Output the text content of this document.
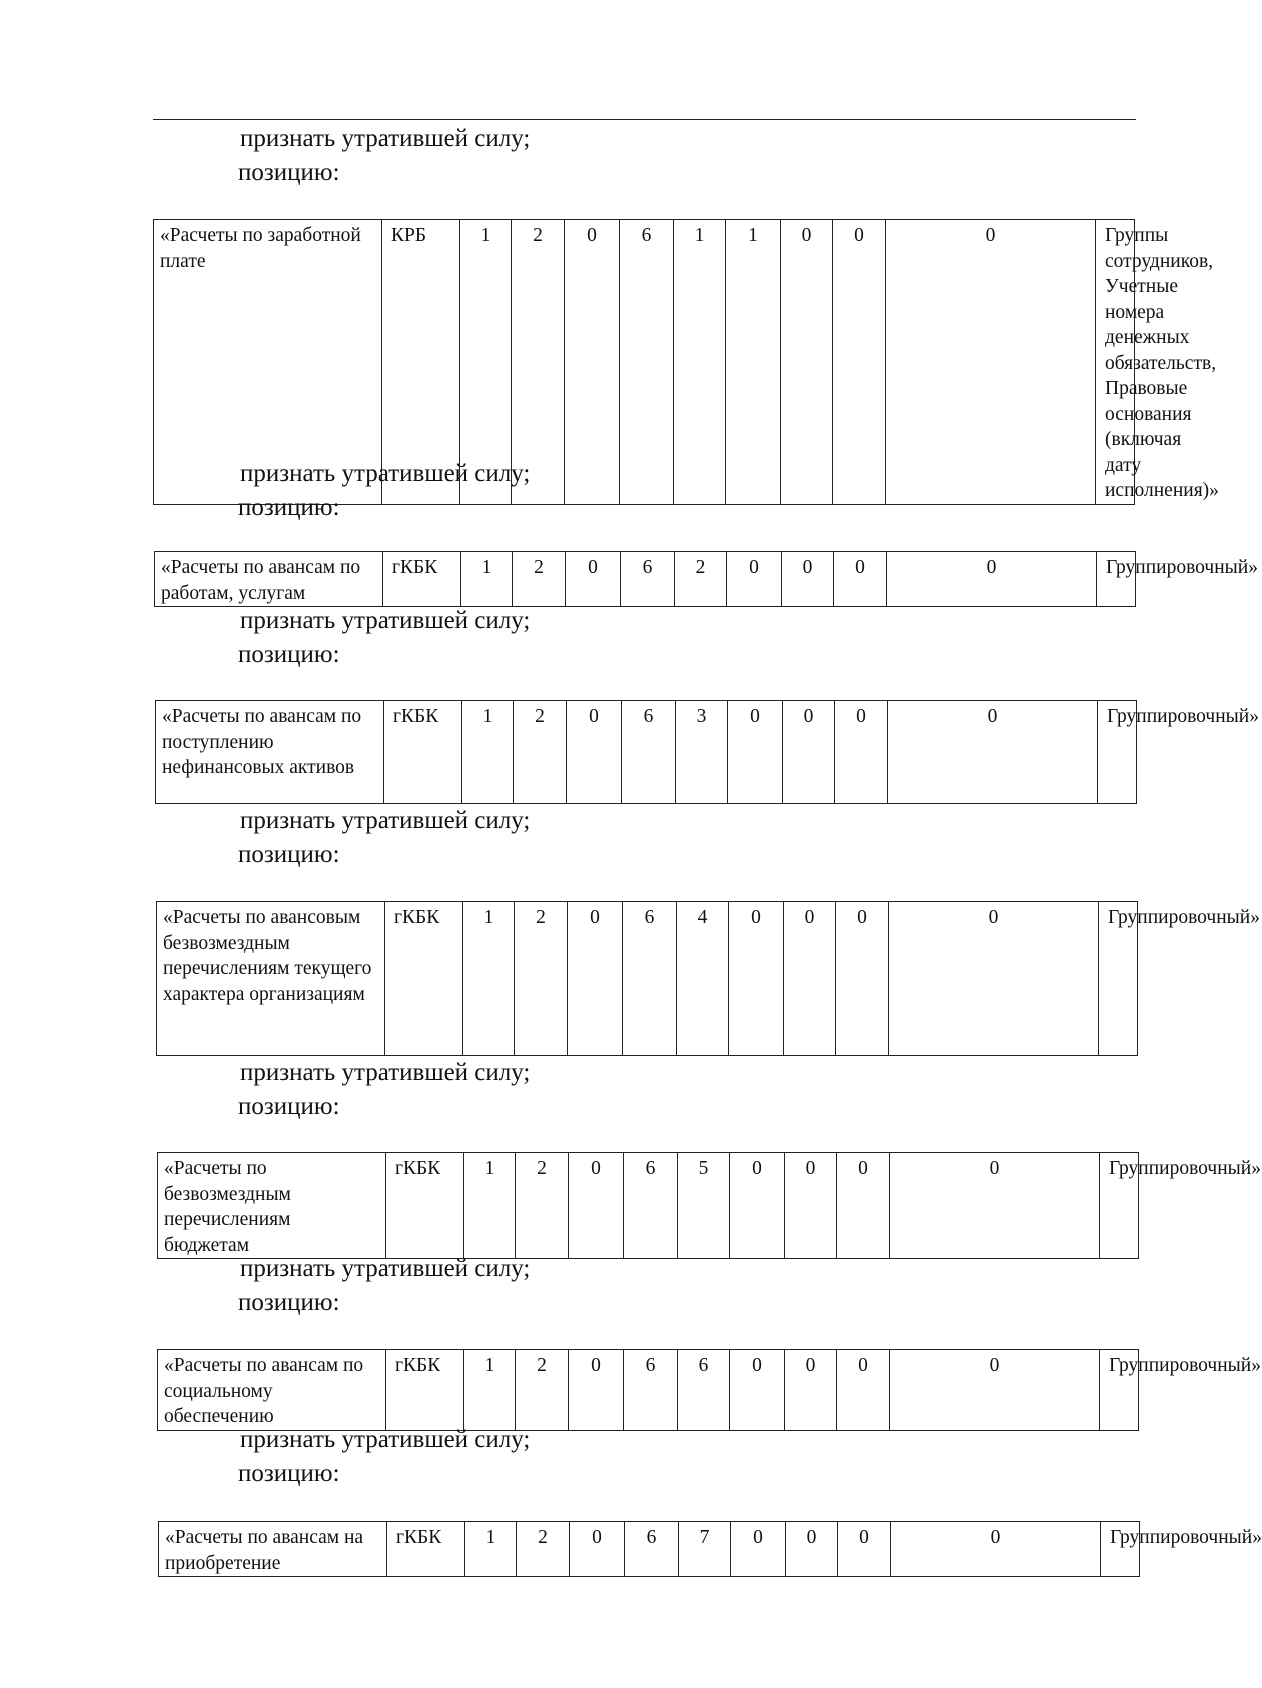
признать утратившей силу;
позицию:
«Расчеты по заработной плате	КРБ	1	2	0	6	1	1	0	0	0	Группы сотрудников, Учетные номера денежных обязательств, Правовые основания (включая дату исполнения)»
признать утратившей силу;
позицию:
«Расчеты по авансам по работам, услугам	гКБК	1	2	0	6	2	0	0	0	0	Группировочный»
признать утратившей силу;
позицию:
«Расчеты по авансам по поступлению нефинансовых активов	гКБК	1	2	0	6	3	0	0	0	0	Группировочный»
признать утратившей силу;
позицию:
«Расчеты по авансовым безвозмездным перечислениям текущего характера организациям	гКБК	1	2	0	6	4	0	0	0	0	Группировочный»
признать утратившей силу;
позицию:
«Расчеты по безвозмездным перечислениям бюджетам	гКБК	1	2	0	6	5	0	0	0	0	Группировочный»
признать утратившей силу;
позицию:
«Расчеты по авансам по социальному обеспечению	гКБК	1	2	0	6	6	0	0	0	0	Группировочный»
признать утратившей силу;
позицию:
«Расчеты по авансам на приобретение	гКБК	1	2	0	6	7	0	0	0	0	Группировочный»
